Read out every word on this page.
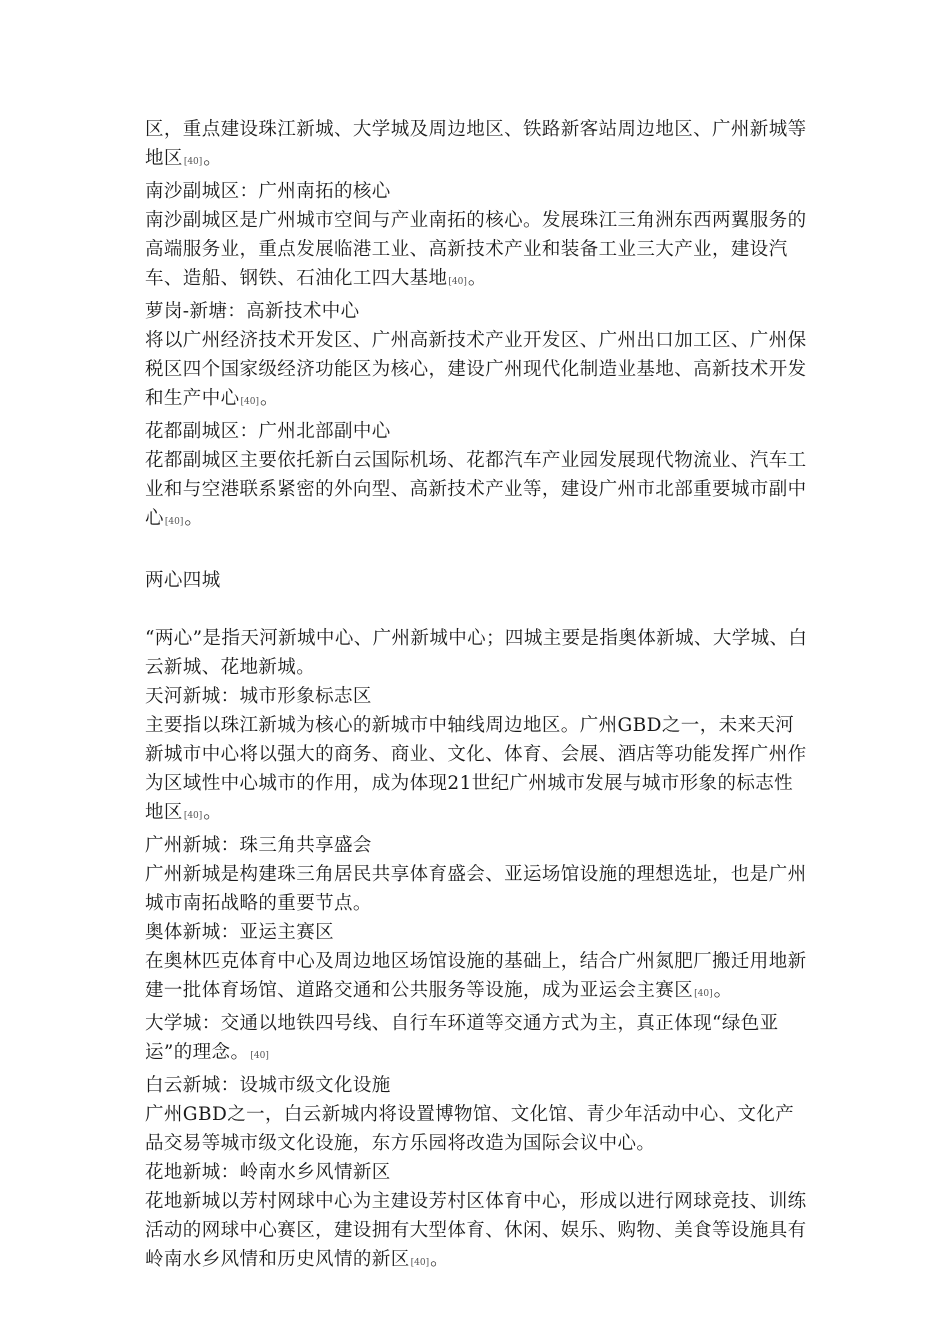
区，重点建设珠江新城、大学城及周边地区、铁路新客站周边地区、广州新城等地区[40]。

南沙副城区：广州南拓的核心

南沙副城区是广州城市空间与产业南拓的核心。发展珠江三角洲东西两翼服务的高端服务业，重点发展临港工业、高新技术产业和装备工业三大产业，建设汽车、造船、钢铁、石油化工四大基地[40]。

萝岗-新塘：高新技术中心

将以广州经济技术开发区、广州高新技术产业开发区、广州出口加工区、广州保税区四个国家级经济功能区为核心，建设广州现代化制造业基地、高新技术开发和生产中心[40]。

花都副城区：广州北部副中心

花都副城区主要依托新白云国际机场、花都汽车产业园发展现代物流业、汽车工业和与空港联系紧密的外向型、高新技术产业等，建设广州市北部重要城市副中心[40]。

两心四城

“两心”是指天河新城中心、广州新城中心；四城主要是指奥体新城、大学城、白云新城、花地新城。

天河新城：城市形象标志区

主要指以珠江新城为核心的新城市中轴线周边地区。广州GBD之一，未来天河新城市中心将以强大的商务、商业、文化、体育、会展、酒店等功能发挥广州作为区域性中心城市的作用，成为体现21世纪广州城市发展与城市形象的标志性地区[40]。

广州新城：珠三角共享盛会

广州新城是构建珠三角居民共享体育盛会、亚运场馆设施的理想选址，也是广州城市南拓战略的重要节点。

奥体新城：亚运主赛区

在奥林匹克体育中心及周边地区场馆设施的基础上，结合广州氮肥厂搬迁用地新建一批体育场馆、道路交通和公共服务等设施，成为亚运会主赛区[40]。

大学城：交通以地铁四号线、自行车环道等交通方式为主，真正体现“绿色亚运”的理念。[40]

白云新城：设城市级文化设施

广州GBD之一，白云新城内将设置博物馆、文化馆、青少年活动中心、文化产品交易等城市级文化设施，东方乐园将改造为国际会议中心。

花地新城：岭南水乡风情新区

花地新城以芳村网球中心为主建设芳村区体育中心，形成以进行网球竞技、训练活动的网球中心赛区，建设拥有大型体育、休闲、娱乐、购物、美食等设施具有岭南水乡风情和历史风情的新区[40]。
